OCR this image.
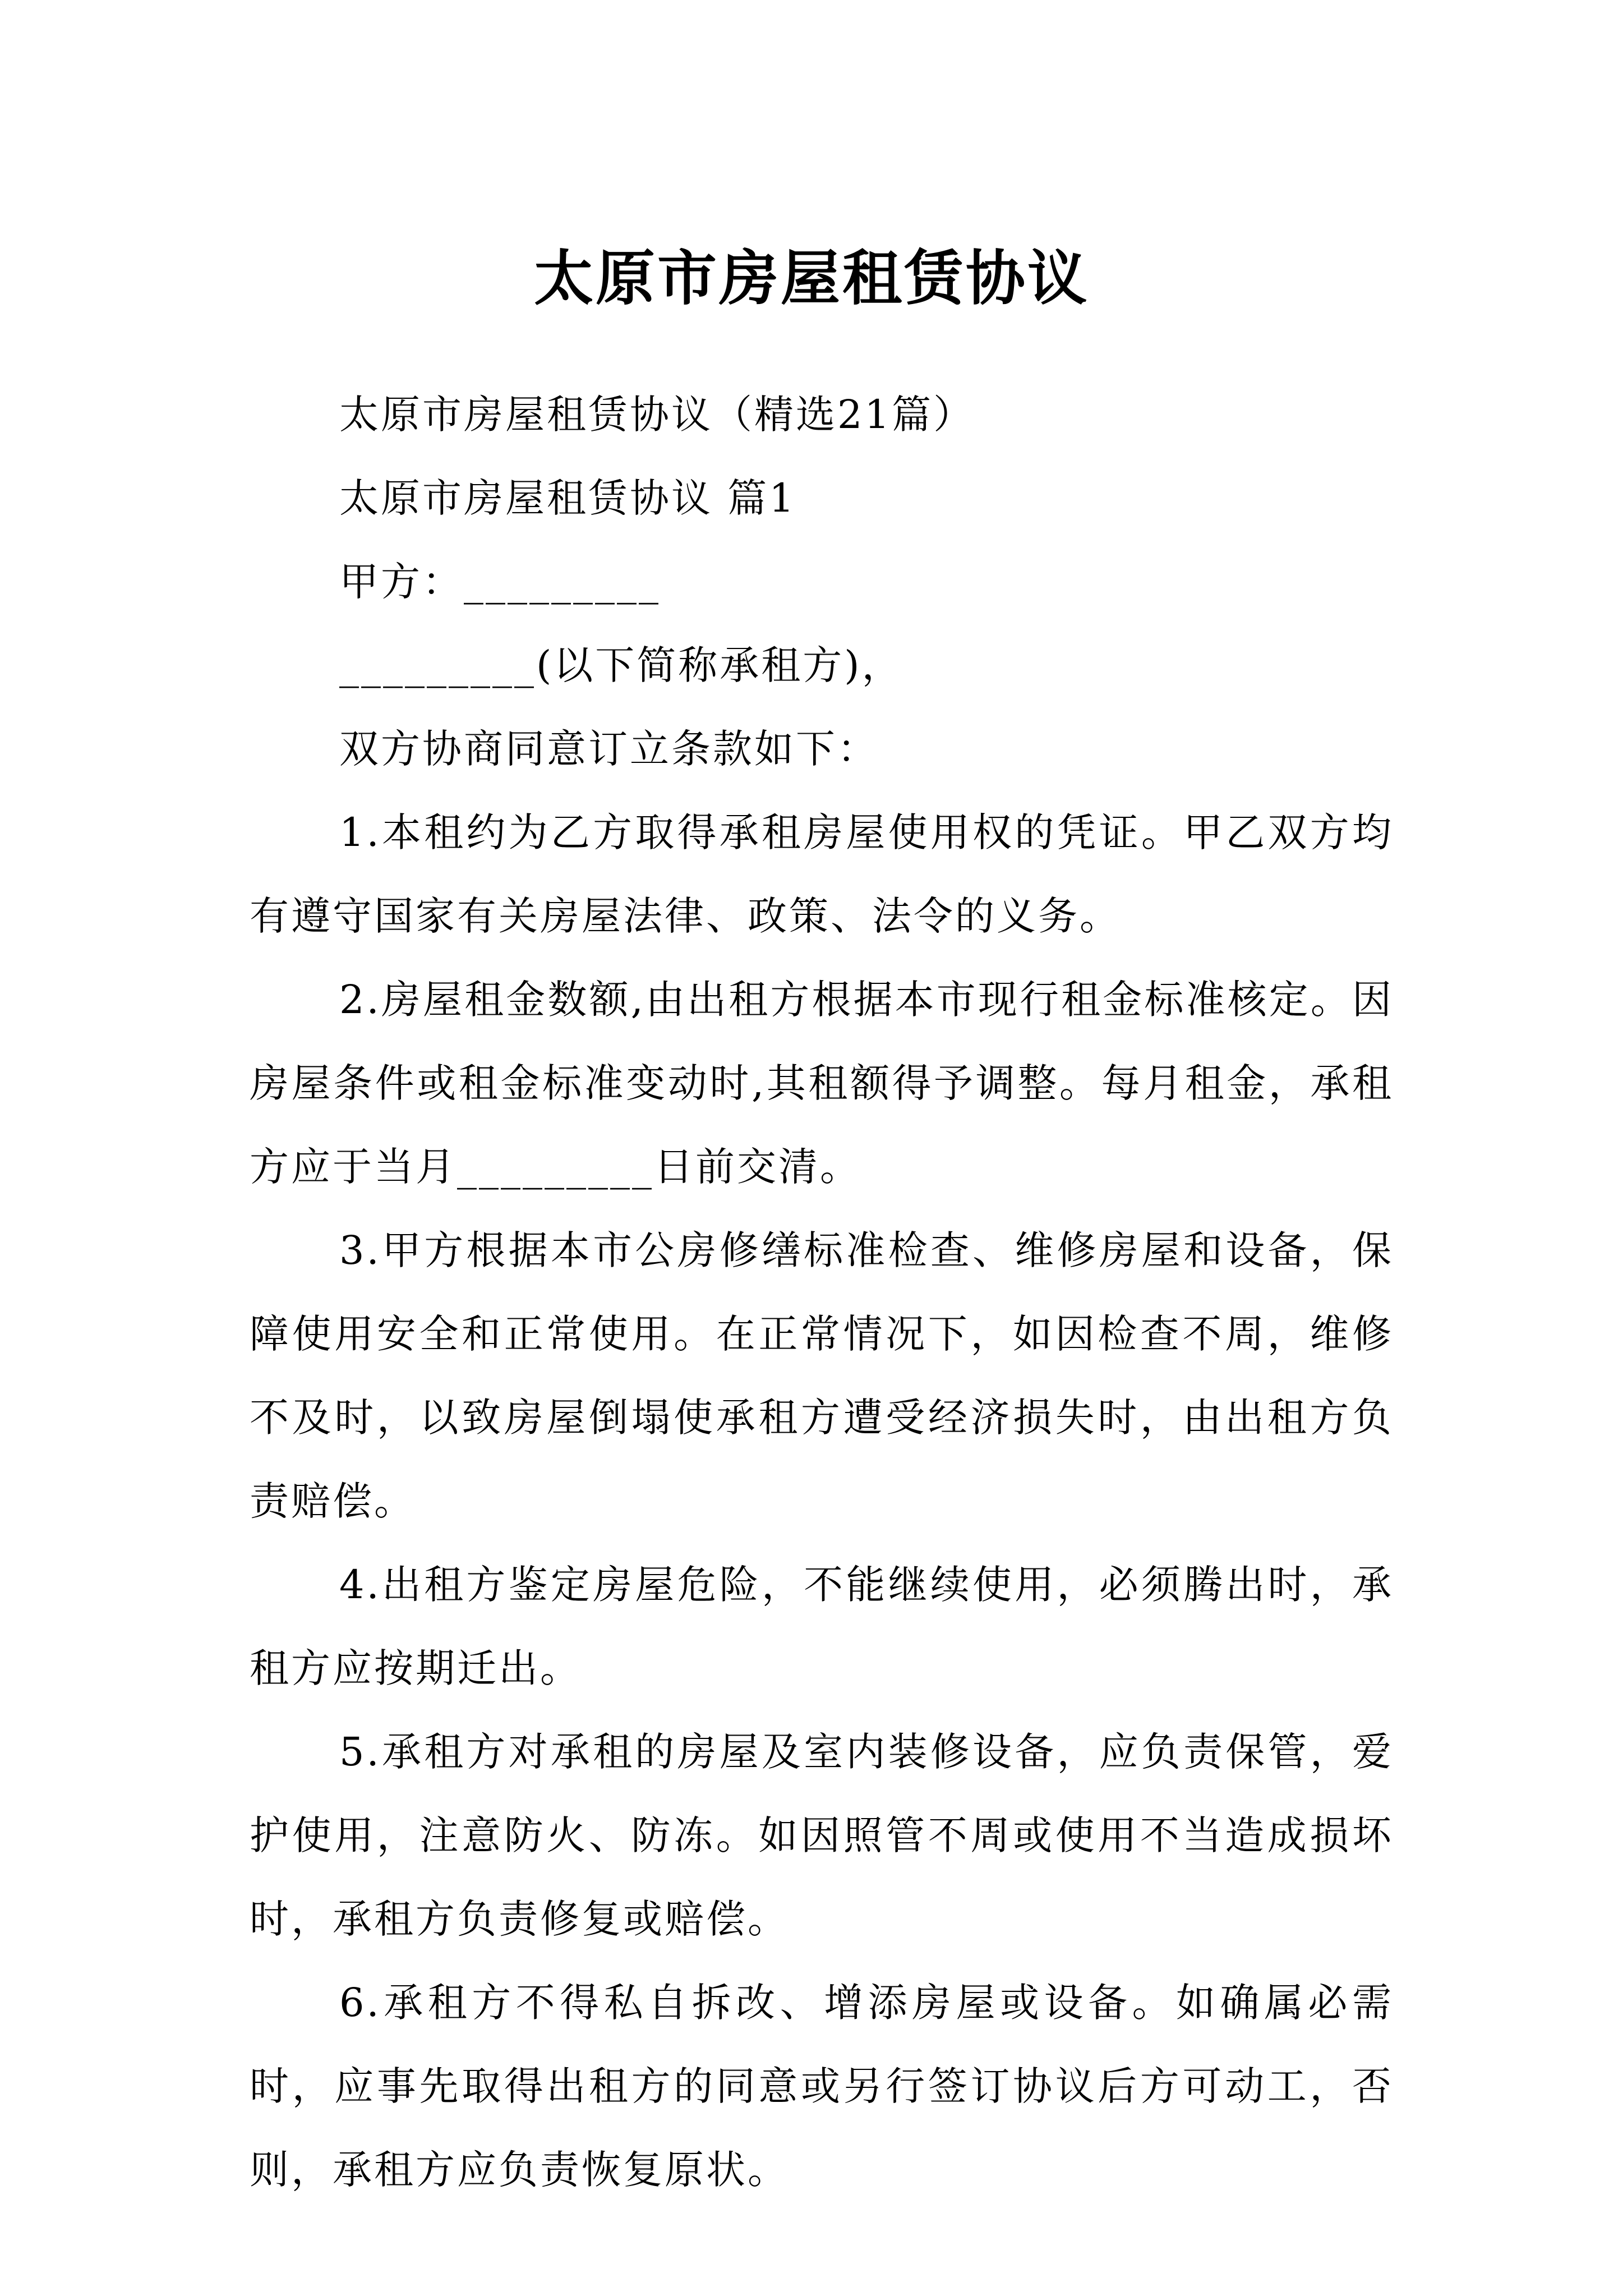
太原市房屋租赁协议

太原市房屋租赁协议（精选21篇）

太原市房屋租赁协议 篇1

甲方：_________

_________(以下简称承租方)，

双方协商同意订立条款如下：

1.本租约为乙方取得承租房屋使用权的凭证。甲乙双方均有遵守国家有关房屋法律、政策、法令的义务。

2.房屋租金数额,由出租方根据本市现行租金标准核定。因房屋条件或租金标准变动时,其租额得予调整。每月租金，承租方应于当月_________日前交清。

3.甲方根据本市公房修缮标准检查、维修房屋和设备，保障使用安全和正常使用。在正常情况下，如因检查不周，维修不及时，以致房屋倒塌使承租方遭受经济损失时，由出租方负责赔偿。

4.出租方鉴定房屋危险，不能继续使用，必须腾出时，承租方应按期迁出。

5.承租方对承租的房屋及室内装修设备，应负责保管，爱护使用，注意防火、防冻。如因照管不周或使用不当造成损坏时，承租方负责修复或赔偿。

6.承租方不得私自拆改、增添房屋或设备。如确属必需时，应事先取得出租方的同意或另行签订协议后方可动工，否则，承租方应负责恢复原状。
